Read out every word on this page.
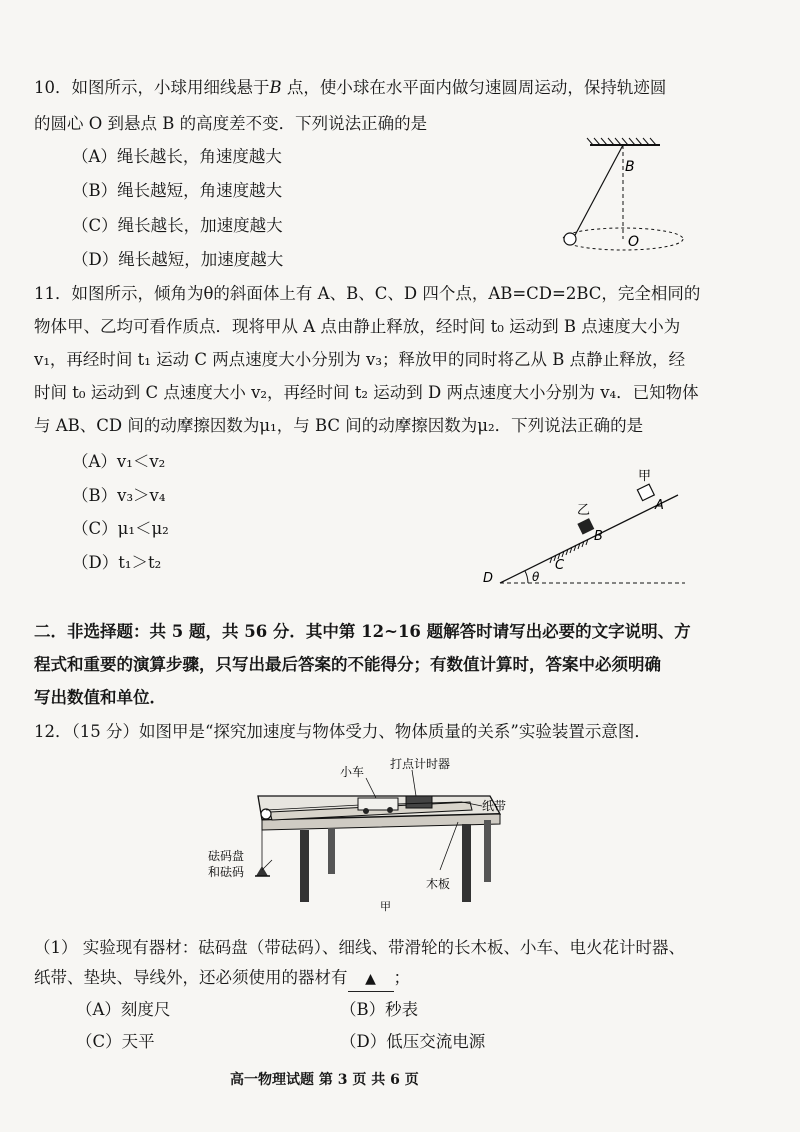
10．如图所示，小球用细线悬于B 点，使小球在水平面内做匀速圆周运动，保持轨迹圆
的圆心 O 到悬点 B 的高度差不变．下列说法正确的是
（A）绳长越长，角速度越大
（B）绳长越短，角速度越大
（C）绳长越长，加速度越大
（D）绳长越短，加速度越大
B
O
11．如图所示，倾角为θ的斜面体上有 A、B、C、D 四个点，AB=CD=2BC，完全相同的
物体甲、乙均可看作质点．现将甲从 A 点由静止释放，经时间 t₀ 运动到 B 点速度大小为
v₁，再经时间 t₁ 运动 C 两点速度大小分别为 v₃；释放甲的同时将乙从 B 点静止释放，经
时间 t₀ 运动到 C 点速度大小 v₂，再经时间 t₂ 运动到 D 两点速度大小分别为 v₄．已知物体
与 AB、CD 间的动摩擦因数为μ₁，与 BC 间的动摩擦因数为μ₂．下列说法正确的是
（A）v₁＜v₂
（B）v₃＞v₄
（C）μ₁＜μ₂
（D）t₁＞t₂
θ
D
C
B
A
乙
甲
二．非选择题：共 5 题，共 56 分．其中第 12~16 题解答时请写出必要的文字说明、方
程式和重要的演算步骤，只写出最后答案的不能得分；有数值计算时，答案中必须明确
写出数值和单位．
12．（15 分）如图甲是“探究加速度与物体受力、物体质量的关系”实验装置示意图．
小车
打点计时器
纸带
砝码盘
和砝码
木板
甲
（1） 实验现有器材：砝码盘（带砝码）、细线、带滑轮的长木板、小车、电火花计时器、
纸带、垫块、导线外，还必须使用的器材有 ▲ ；
（A）刻度尺	（B）秒表
（C）天平	（D）低压交流电源
高一物理试题 第 3 页 共 6 页
